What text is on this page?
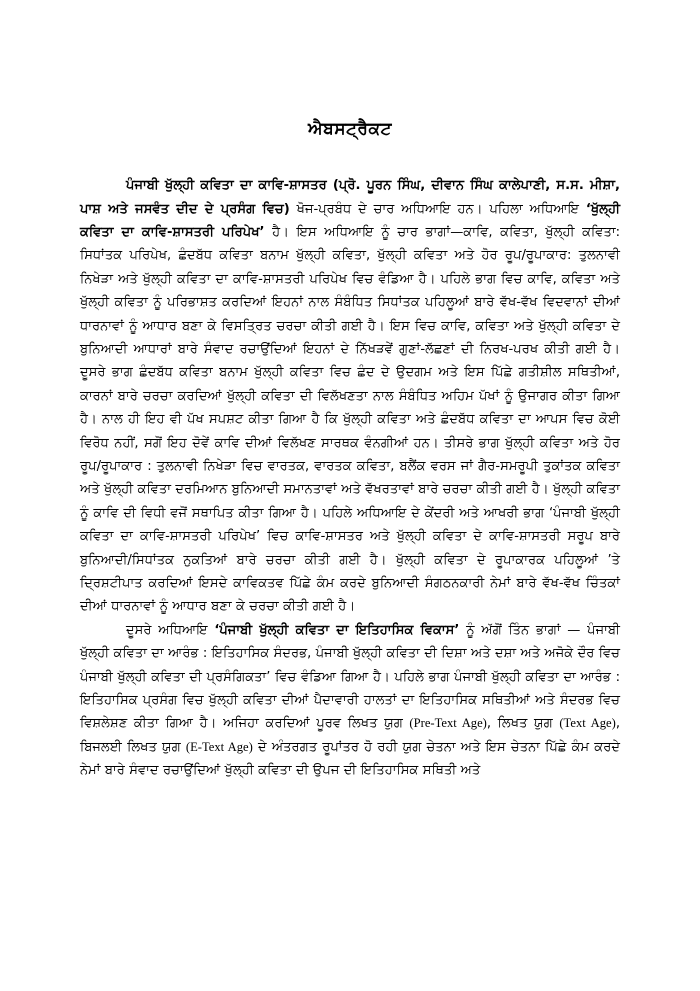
ਐਬਸਟ੍ਰੈਕਟ

ਪੰਜਾਬੀ ਖੁੱਲ੍ਹੀ ਕਵਿਤਾ ਦਾ ਕਾਵਿ-ਸ਼ਾਸਤਰ (ਪ੍ਰੋ. ਪੂਰਨ ਸਿੰਘ, ਦੀਵਾਨ ਸਿੰਘ ਕਾਲੇਪਾਣੀ, ਸ.ਸ. ਮੀਸ਼ਾ, ਪਾਸ਼ ਅਤੇ ਜਸਵੰਤ ਦੀਦ ਦੇ ਪ੍ਰਸੰਗ ਵਿਚ) ਖੋਜ-ਪ੍ਰਬੰਧ ਦੇ ਚਾਰ ਅਧਿਆਇ ਹਨ। ਪਹਿਲਾ ਅਧਿਆਇ ‘ਖੁੱਲ੍ਹੀ ਕਵਿਤਾ ਦਾ ਕਾਵਿ-ਸ਼ਾਸਤਰੀ ਪਰਿਪੇਖ’ ਹੈ। ਇਸ ਅਧਿਆਇ ਨੂੰ ਚਾਰ ਭਾਗਾਂ—ਕਾਵਿ, ਕਵਿਤਾ, ਖੁੱਲ੍ਹੀ ਕਵਿਤਾ: ਸਿਧਾਂਤਕ ਪਰਿਪੇਖ, ਛੰਦਬੱਧ ਕਵਿਤਾ ਬਨਾਮ ਖੁੱਲ੍ਹੀ ਕਵਿਤਾ, ਖੁੱਲ੍ਹੀ ਕਵਿਤਾ ਅਤੇ ਹੋਰ ਰੂਪ/ਰੂਪਾਕਾਰ: ਤੁਲਨਾਵੀ ਨਿਖੇੜਾ ਅਤੇ ਖੁੱਲ੍ਹੀ ਕਵਿਤਾ ਦਾ ਕਾਵਿ-ਸ਼ਾਸਤਰੀ ਪਰਿਪੇਖ ਵਿਚ ਵੰਡਿਆ ਹੈ। ਪਹਿਲੇ ਭਾਗ ਵਿਚ ਕਾਵਿ, ਕਵਿਤਾ ਅਤੇ ਖੁੱਲ੍ਹੀ ਕਵਿਤਾ ਨੂੰ ਪਰਿਭਾਸ਼ਤ ਕਰਦਿਆਂ ਇਹਨਾਂ ਨਾਲ ਸੰਬੰਧਿਤ ਸਿਧਾਂਤਕ ਪਹਿਲੂਆਂ ਬਾਰੇ ਵੱਖ-ਵੱਖ ਵਿਦਵਾਨਾਂ ਦੀਆਂ ਧਾਰਨਾਵਾਂ ਨੂੰ ਆਧਾਰ ਬਣਾ ਕੇ ਵਿਸਤ੍ਰਿਤ ਚਰਚਾ ਕੀਤੀ ਗਈ ਹੈ। ਇਸ ਵਿਚ ਕਾਵਿ, ਕਵਿਤਾ ਅਤੇ ਖੁੱਲ੍ਹੀ ਕਵਿਤਾ ਦੇ ਬੁਨਿਆਦੀ ਆਧਾਰਾਂ ਬਾਰੇ ਸੰਵਾਦ ਰਚਾਉਂਦਿਆਂ ਇਹਨਾਂ ਦੇ ਨਿੱਖੜਵੇਂ ਗੁਣਾਂ-ਲੱਛਣਾਂ ਦੀ ਨਿਰਖ-ਪਰਖ ਕੀਤੀ ਗਈ ਹੈ। ਦੂਸਰੇ ਭਾਗ ਛੰਦਬੱਧ ਕਵਿਤਾ ਬਨਾਮ ਖੁੱਲ੍ਹੀ ਕਵਿਤਾ ਵਿਚ ਛੰਦ ਦੇ ਉਦਗਮ ਅਤੇ ਇਸ ਪਿੱਛੇ ਗਤੀਸ਼ੀਲ ਸਥਿਤੀਆਂ, ਕਾਰਨਾਂ ਬਾਰੇ ਚਰਚਾ ਕਰਦਿਆਂ ਖੁੱਲ੍ਹੀ ਕਵਿਤਾ ਦੀ ਵਿਲੱਖਣਤਾ ਨਾਲ ਸੰਬੰਧਿਤ ਅਹਿਮ ਪੱਖਾਂ ਨੂੰ ਉਜਾਗਰ ਕੀਤਾ ਗਿਆ ਹੈ। ਨਾਲ ਹੀ ਇਹ ਵੀ ਪੱਖ ਸਪਸ਼ਟ ਕੀਤਾ ਗਿਆ ਹੈ ਕਿ ਖੁੱਲ੍ਹੀ ਕਵਿਤਾ ਅਤੇ ਛੰਦਬੱਧ ਕਵਿਤਾ ਦਾ ਆਪਸ ਵਿਚ ਕੋਈ ਵਿਰੋਧ ਨਹੀਂ, ਸਗੋਂ ਇਹ ਦੋਵੇਂ ਕਾਵਿ ਦੀਆਂ ਵਿਲੱਖਣ ਸਾਰਥਕ ਵੰਨਗੀਆਂ ਹਨ। ਤੀਸਰੇ ਭਾਗ ਖੁੱਲ੍ਹੀ ਕਵਿਤਾ ਅਤੇ ਹੋਰ ਰੂਪ/ਰੂਪਾਕਾਰ : ਤੁਲਨਾਵੀ ਨਿਖੇੜਾ ਵਿਚ ਵਾਰਤਕ, ਵਾਰਤਕ ਕਵਿਤਾ, ਬਲੈਂਕ ਵਰਸ ਜਾਂ ਗੈਰ-ਸਮਰੂਪੀ ਤੁਕਾਂਤਕ ਕਵਿਤਾ ਅਤੇ ਖੁੱਲ੍ਹੀ ਕਵਿਤਾ ਦਰਮਿਆਨ ਬੁਨਿਆਦੀ ਸਮਾਨਤਾਵਾਂ ਅਤੇ ਵੱਖਰਤਾਵਾਂ ਬਾਰੇ ਚਰਚਾ ਕੀਤੀ ਗਈ ਹੈ। ਖੁੱਲ੍ਹੀ ਕਵਿਤਾ ਨੂੰ ਕਾਵਿ ਦੀ ਵਿਧੀ ਵਜੋਂ ਸਥਾਪਿਤ ਕੀਤਾ ਗਿਆ ਹੈ। ਪਹਿਲੇ ਅਧਿਆਇ ਦੇ ਕੇਂਦਰੀ ਅਤੇ ਆਖਰੀ ਭਾਗ ‘ਪੰਜਾਬੀ ਖੁੱਲ੍ਹੀ ਕਵਿਤਾ ਦਾ ਕਾਵਿ-ਸ਼ਾਸਤਰੀ ਪਰਿਪੇਖ’ ਵਿਚ ਕਾਵਿ-ਸ਼ਾਸਤਰ ਅਤੇ ਖੁੱਲ੍ਹੀ ਕਵਿਤਾ ਦੇ ਕਾਵਿ-ਸ਼ਾਸਤਰੀ ਸਰੂਪ ਬਾਰੇ ਬੁਨਿਆਦੀ/ਸਿਧਾਂਤਕ ਨੁਕਤਿਆਂ ਬਾਰੇ ਚਰਚਾ ਕੀਤੀ ਗਈ ਹੈ। ਖੁੱਲ੍ਹੀ ਕਵਿਤਾ ਦੇ ਰੂਪਾਕਾਰਕ ਪਹਿਲੂਆਂ ’ਤੇ ਦ੍ਰਿਸ਼ਟੀਪਾਤ ਕਰਦਿਆਂ ਇਸਦੇ ਕਾਵਿਕਤਵ ਪਿੱਛੇ ਕੰਮ ਕਰਦੇ ਬੁਨਿਆਦੀ ਸੰਗਠਨਕਾਰੀ ਨੇਮਾਂ ਬਾਰੇ ਵੱਖ-ਵੱਖ ਚਿੰਤਕਾਂ ਦੀਆਂ ਧਾਰਨਾਵਾਂ ਨੂੰ ਆਧਾਰ ਬਣਾ ਕੇ ਚਰਚਾ ਕੀਤੀ ਗਈ ਹੈ।

ਦੂਸਰੇ ਅਧਿਆਇ ‘ਪੰਜਾਬੀ ਖੁੱਲ੍ਹੀ ਕਵਿਤਾ ਦਾ ਇਤਿਹਾਸਿਕ ਵਿਕਾਸ’ ਨੂੰ ਅੱਗੋਂ ਤਿੰਨ ਭਾਗਾਂ — ਪੰਜਾਬੀ ਖੁੱਲ੍ਹੀ ਕਵਿਤਾ ਦਾ ਆਰੰਭ : ਇਤਿਹਾਸਿਕ ਸੰਦਰਭ, ਪੰਜਾਬੀ ਖੁੱਲ੍ਹੀ ਕਵਿਤਾ ਦੀ ਦਿਸ਼ਾ ਅਤੇ ਦਸ਼ਾ ਅਤੇ ਅਜੋਕੇ ਦੌਰ ਵਿਚ ਪੰਜਾਬੀ ਖੁੱਲ੍ਹੀ ਕਵਿਤਾ ਦੀ ਪ੍ਰਸੰਗਿਕਤਾ’ ਵਿਚ ਵੰਡਿਆ ਗਿਆ ਹੈ। ਪਹਿਲੇ ਭਾਗ ਪੰਜਾਬੀ ਖੁੱਲ੍ਹੀ ਕਵਿਤਾ ਦਾ ਆਰੰਭ : ਇਤਿਹਾਸਿਕ ਪ੍ਰਸੰਗ ਵਿਚ ਖੁੱਲ੍ਹੀ ਕਵਿਤਾ ਦੀਆਂ ਪੈਦਾਵਾਰੀ ਹਾਲਤਾਂ ਦਾ ਇਤਿਹਾਸਿਕ ਸਥਿਤੀਆਂ ਅਤੇ ਸੰਦਰਭ ਵਿਚ ਵਿਸ਼ਲੇਸ਼ਣ ਕੀਤਾ ਗਿਆ ਹੈ। ਅਜਿਹਾ ਕਰਦਿਆਂ ਪੂਰਵ ਲਿਖਤ ਯੁਗ (Pre-Text Age), ਲਿਖਤ ਯੁਗ (Text Age), ਬਿਜਲਈ ਲਿਖਤ ਯੁਗ (E-Text Age) ਦੇ ਅੰਤਰਗਤ ਰੂਪਾਂਤਰ ਹੋ ਰਹੀ ਯੁਗ ਚੇਤਨਾ ਅਤੇ ਇਸ ਚੇਤਨਾ ਪਿੱਛੇ ਕੰਮ ਕਰਦੇ ਨੇਮਾਂ ਬਾਰੇ ਸੰਵਾਦ ਰਚਾਉਂਦਿਆਂ ਖੁੱਲ੍ਹੀ ਕਵਿਤਾ ਦੀ ਉਪਜ ਦੀ ਇਤਿਹਾਸਿਕ ਸਥਿਤੀ ਅਤੇ
